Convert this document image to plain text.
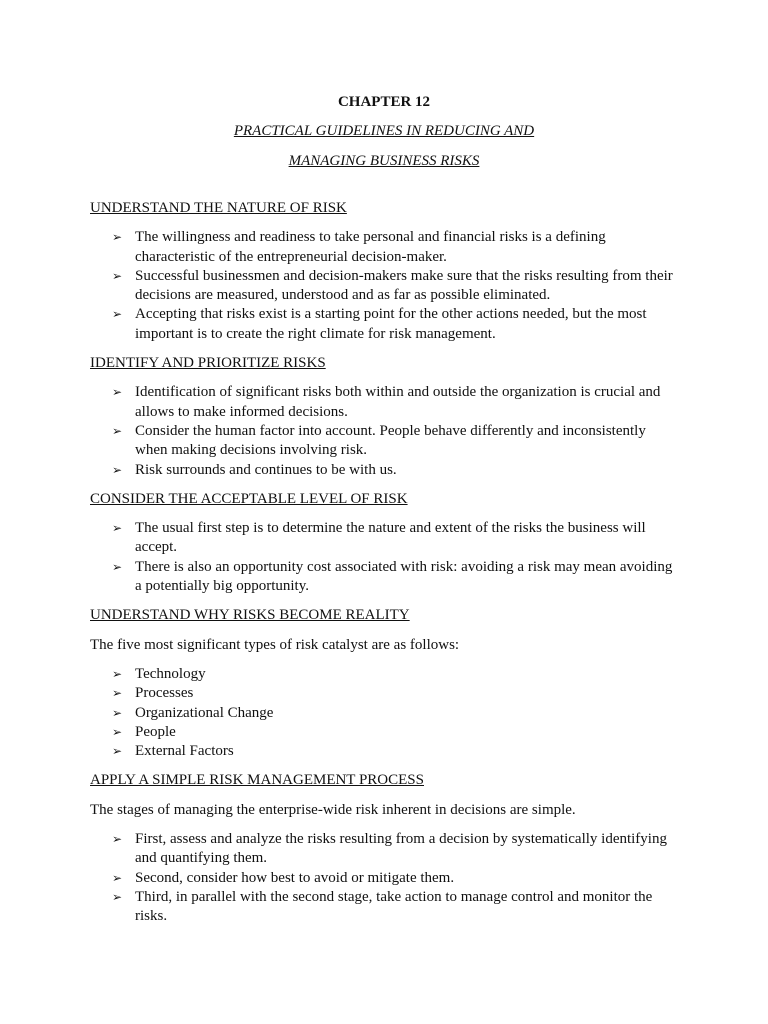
CHAPTER 12
PRACTICAL GUIDELINES IN REDUCING AND
MANAGING BUSINESS RISKS
UNDERSTAND THE NATURE OF RISK
➢ The willingness and readiness to take personal and financial risks is a defining characteristic of the entrepreneurial decision-maker.
➢ Successful businessmen and decision-makers make sure that the risks resulting from their decisions are measured, understood and as far as possible eliminated.
➢ Accepting that risks exist is a starting point for the other actions needed, but the most important is to create the right climate for risk management.
IDENTIFY AND PRIORITIZE RISKS
➢ Identification of significant risks both within and outside the organization is crucial and allows to make informed decisions.
➢ Consider the human factor into account. People behave differently and inconsistently when making decisions involving risk.
➢ Risk surrounds and continues to be with us.
CONSIDER THE ACCEPTABLE LEVEL OF RISK
➢ The usual first step is to determine the nature and extent of the risks the business will accept.
➢ There is also an opportunity cost associated with risk: avoiding a risk may mean avoiding a potentially big opportunity.
UNDERSTAND WHY RISKS BECOME REALITY
The five most significant types of risk catalyst are as follows:
➢ Technology
➢ Processes
➢ Organizational Change
➢ People
➢ External Factors
APPLY A SIMPLE RISK MANAGEMENT PROCESS
The stages of managing the enterprise-wide risk inherent in decisions are simple.
➢ First, assess and analyze the risks resulting from a decision by systematically identifying and quantifying them.
➢ Second, consider how best to avoid or mitigate them.
➢ Third, in parallel with the second stage, take action to manage control and monitor the risks.
